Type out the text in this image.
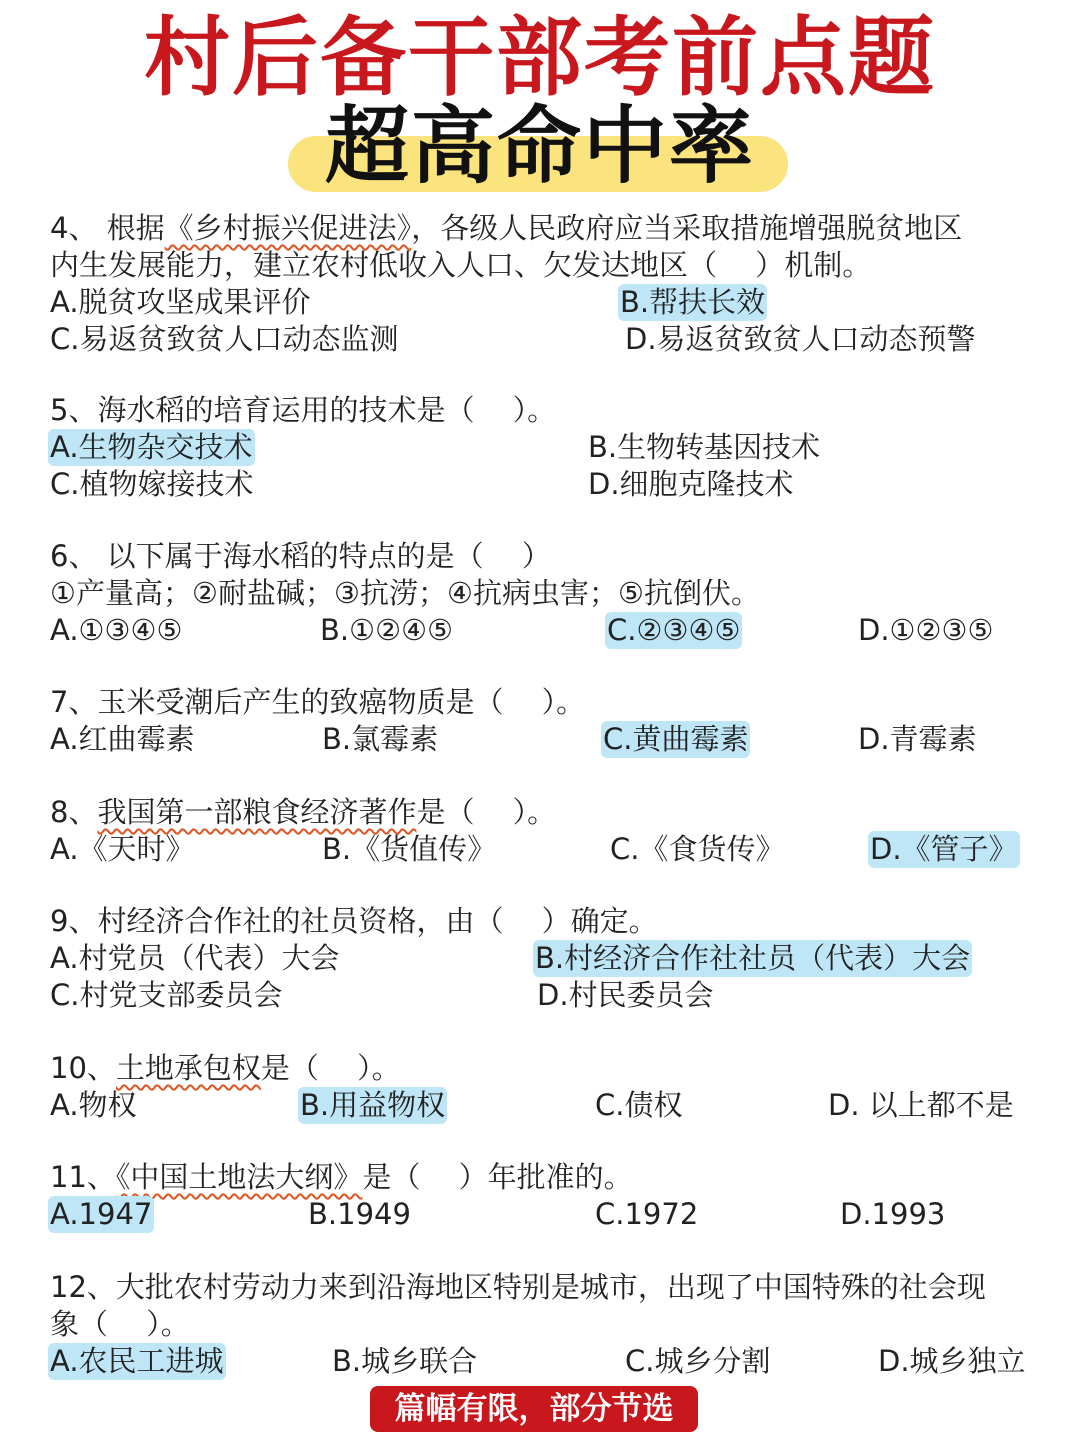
村后备干部考前点题
超高命中率
4、 根据《乡村振兴促进法》，各级人民政府应当采取措施增强脱贫地区
内生发展能力，建立农村低收入人口、欠发达地区（　 ）机制。
A.脱贫攻坚成果评价	B.帮扶长效
C.易返贫致贫人口动态监测	D.易返贫致贫人口动态预警
5、海水稻的培育运用的技术是（　 ）。
A.生物杂交技术	B.生物转基因技术
C.植物嫁接技术	D.细胞克隆技术
6、 以下属于海水稻的特点的是（　 ）
①产量高；②耐盐碱；③抗涝；④抗病虫害；⑤抗倒伏。
A.①③④⑤	B.①②④⑤	C.②③④⑤	D.①②③⑤
7、玉米受潮后产生的致癌物质是（　 ）。
A.红曲霉素	B.氯霉素	C.黄曲霉素	D.青霉素
8、我国第一部粮食经济著作是（　 ）。
A.《天时》	B.《货值传》	C.《食货传》	D.《管子》
9、村经济合作社的社员资格，由（　 ）确定。
A.村党员（代表）大会	B.村经济合作社社员（代表）大会
C.村党支部委员会	D.村民委员会
10、土地承包权是（　 ）。
A.物权	B.用益物权	C.债权	D. 以上都不是
11、《中国土地法大纲》是（　 ）年批准的。
A.1947	B.1949	C.1972	D.1993
12、大批农村劳动力来到沿海地区特别是城市，出现了中国特殊的社会现
象（　 ）。
A.农民工进城	B.城乡联合	C.城乡分割	D.城乡独立
篇幅有限，部分节选
